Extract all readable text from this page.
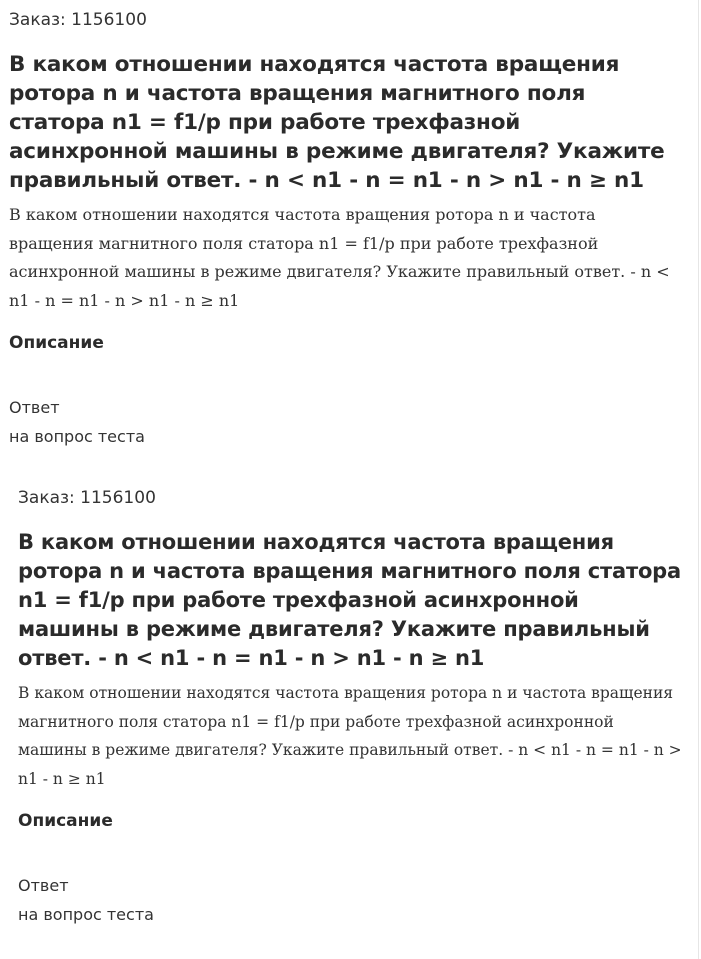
Заказ: 1156100

В каком отношении находятся частота вращения ротора n и частота вращения магнитного поля статора n1 = f1/p при работе трехфазной асинхронной машины в режиме двигателя? Укажите правильный ответ. - n < n1 - n = n1 - n > n1 - n ≥ n1

В каком отношении находятся частота вращения ротора n и частота вращения магнитного поля статора n1 = f1/p при работе трехфазной асинхронной машины в режиме двигателя? Укажите правильный ответ. - n < n1 - n = n1 - n > n1 - n ≥ n1

Описание
Ответ
на вопрос теста

Заказ: 1156100

В каком отношении находятся частота вращения ротора n и частота вращения магнитного поля статора n1 = f1/p при работе трехфазной асинхронной машины в режиме двигателя? Укажите правильный ответ. - n < n1 - n = n1 - n > n1 - n ≥ n1

В каком отношении находятся частота вращения ротора n и частота вращения магнитного поля статора n1 = f1/p при работе трехфазной асинхронной машины в режиме двигателя? Укажите правильный ответ. - n < n1 - n = n1 - n > n1 - n ≥ n1

Описание
Ответ
на вопрос теста
